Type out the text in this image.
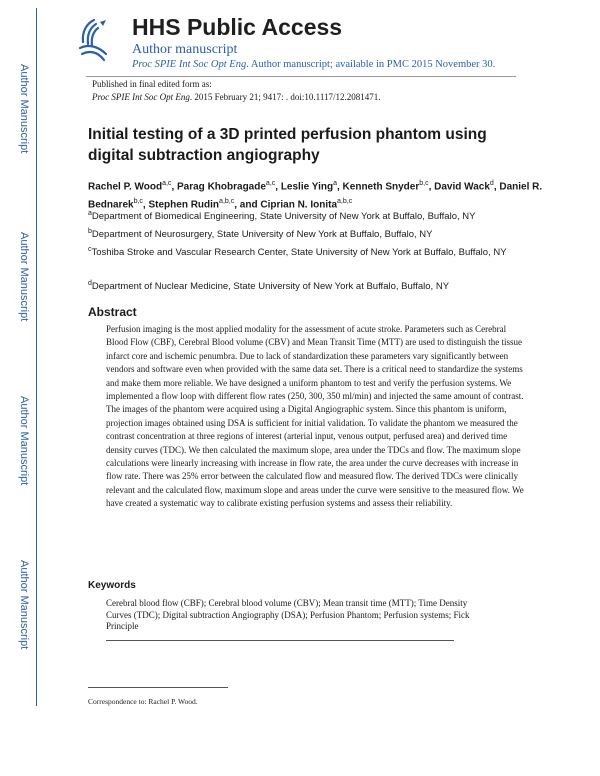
Author Manuscript
Author Manuscript
Author Manuscript
Author Manuscript
HHS Public Access
Author manuscript
Proc SPIE Int Soc Opt Eng. Author manuscript; available in PMC 2015 November 30.
Published in final edited form as:
Proc SPIE Int Soc Opt Eng. 2015 February 21; 9417: . doi:10.1117/12.2081471.
Initial testing of a 3D printed perfusion phantom using digital subtraction angiography
Rachel P. Wood$^{a,c}$, Parag Khobragade$^{a,c}$, Leslie Ying$^a$, Kenneth Snyder$^{b,c}$, David Wack$^d$, Daniel R. Bednarek$^{b,c}$, Stephen Rudin$^{a,b,c}$, and Ciprian N. Ionita$^{a,b,c}$
$^a$Department of Biomedical Engineering, State University of New York at Buffalo, Buffalo, NY
$^b$Department of Neurosurgery, State University of New York at Buffalo, Buffalo, NY
$^c$Toshiba Stroke and Vascular Research Center, State University of New York at Buffalo, Buffalo, NY
$^d$Department of Nuclear Medicine, State University of New York at Buffalo, Buffalo, NY
Abstract
Perfusion imaging is the most applied modality for the assessment of acute stroke. Parameters such as Cerebral Blood Flow (CBF), Cerebral Blood volume (CBV) and Mean Transit Time (MTT) are used to distinguish the tissue infarct core and ischemic penumbra. Due to lack of standardization these parameters vary significantly between vendors and software even when provided with the same data set. There is a critical need to standardize the systems and make them more reliable. We have designed a uniform phantom to test and verify the perfusion systems. We implemented a flow loop with different flow rates (250, 300, 350 ml/min) and injected the same amount of contrast. The images of the phantom were acquired using a Digital Angiographic system. Since this phantom is uniform, projection images obtained using DSA is sufficient for initial validation. To validate the phantom we measured the contrast concentration at three regions of interest (arterial input, venous output, perfused area) and derived time density curves (TDC). We then calculated the maximum slope, area under the TDCs and flow. The maximum slope calculations were linearly increasing with increase in flow rate, the area under the curve decreases with increase in flow rate. There was 25% error between the calculated flow and measured flow. The derived TDCs were clinically relevant and the calculated flow, maximum slope and areas under the curve were sensitive to the measured flow. We have created a systematic way to calibrate existing perfusion systems and assess their reliability.
Keywords
Cerebral blood flow (CBF); Cerebral blood volume (CBV); Mean transit time (MTT); Time Density Curves (TDC); Digital subtraction Angiography (DSA); Perfusion Phantom; Perfusion systems; Fick Principle
Correspondence to: Rachel P. Wood.
